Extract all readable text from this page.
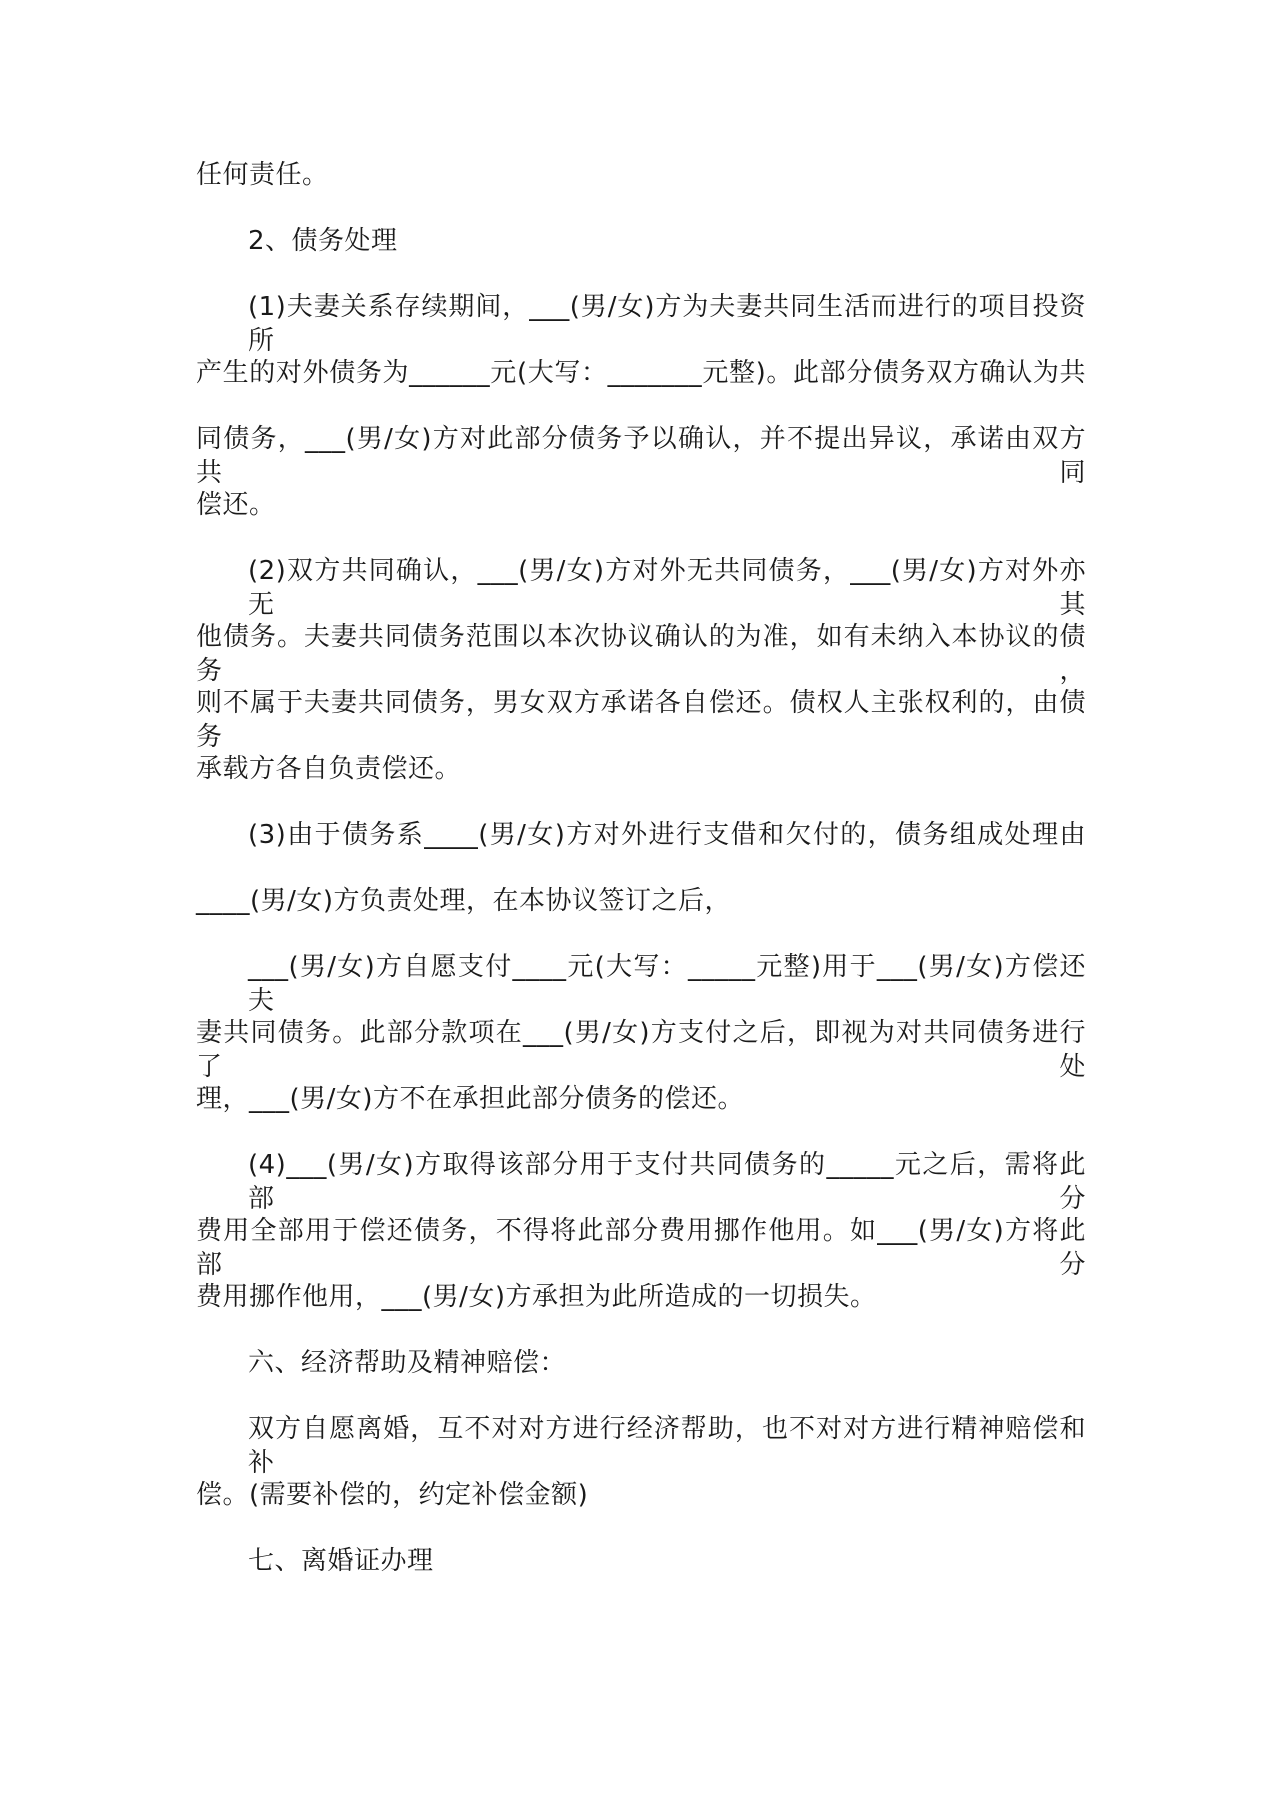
任何责任。
2、债务处理
(1)夫妻关系存续期间，___(男/女)方为夫妻共同生活而进行的项目投资所
产生的对外债务为______元(大写：_______元整)。此部分债务双方确认为共
同债务，___(男/女)方对此部分债务予以确认，并不提出异议，承诺由双方共同
偿还。
(2)双方共同确认，___(男/女)方对外无共同债务，___(男/女)方对外亦无其
他债务。夫妻共同债务范围以本次协议确认的为准，如有未纳入本协议的债务，
则不属于夫妻共同债务，男女双方承诺各自偿还。债权人主张权利的，由债务
承载方各自负责偿还。
(3)由于债务系____(男/女)方对外进行支借和欠付的，债务组成处理由
____(男/女)方负责处理，在本协议签订之后，
___(男/女)方自愿支付____元(大写：_____元整)用于___(男/女)方偿还夫
妻共同债务。此部分款项在___(男/女)方支付之后，即视为对共同债务进行了处
理，___(男/女)方不在承担此部分债务的偿还。
(4)___(男/女)方取得该部分用于支付共同债务的_____元之后，需将此部分
费用全部用于偿还债务，不得将此部分费用挪作他用。如___(男/女)方将此部分
费用挪作他用，___(男/女)方承担为此所造成的一切损失。
六、经济帮助及精神赔偿：
双方自愿离婚，互不对对方进行经济帮助，也不对对方进行精神赔偿和补
偿。(需要补偿的，约定补偿金额)
七、离婚证办理
